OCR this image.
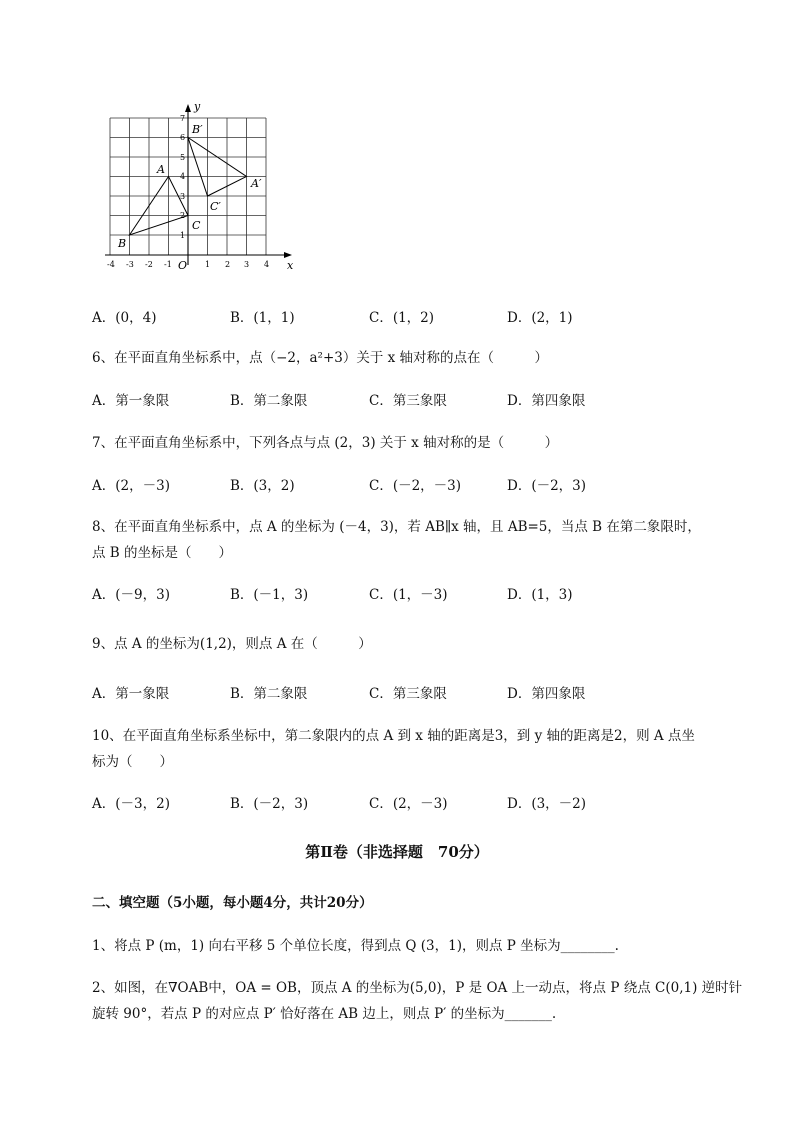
-4 -3 -2 -1	1 2 3 4
1
2
3
4
5
6
7
O	x
y
A
B
C
A′
B′
C′
A．(0，4)	B．(1，1)	C．(1，2)	D．(2，1)
6、在平面直角坐标系中，点（−2，a²+3）关于 x 轴对称的点在（　　　）
A．第一象限	B．第二象限	C．第三象限	D．第四象限
7、在平面直角坐标系中，下列各点与点 (2，3) 关于 x 轴对称的是（　　　）
A．(2，－3)	B．(3，2)	C．(－2，－3)	D．(－2，3)
8、在平面直角坐标系中，点 A 的坐标为 (－4，3)，若 AB∥x 轴，且 AB=5，当点 B 在第二象限时，
点 B 的坐标是（　　）
A．(－9，3)	B．(－1，3)	C．(1，－3)	D．(1，3)
9、点 A 的坐标为(1,2)，则点 A 在（　　　）
A．第一象限	B．第二象限	C．第三象限	D．第四象限
10、在平面直角坐标系坐标中，第二象限内的点 A 到 x 轴的距离是3，到 y 轴的距离是2，则 A 点坐
标为（　　）
A．(－3，2)	B．(－2，3)	C．(2，－3)	D．(3，－2)
第Ⅱ卷（非选择题　70分）
二、填空题（5小题，每小题4分，共计20分）
1、将点 P (m，1) 向右平移 5 个单位长度，得到点 Q (3，1)，则点 P 坐标为________.
2、如图，在∇OAB中，OA = OB，顶点 A 的坐标为(5,0)，P 是 OA 上一动点，将点 P 绕点 C(0,1) 逆时针
旋转 90°，若点 P 的对应点 P′ 恰好落在 AB 边上，则点 P′ 的坐标为_______.
